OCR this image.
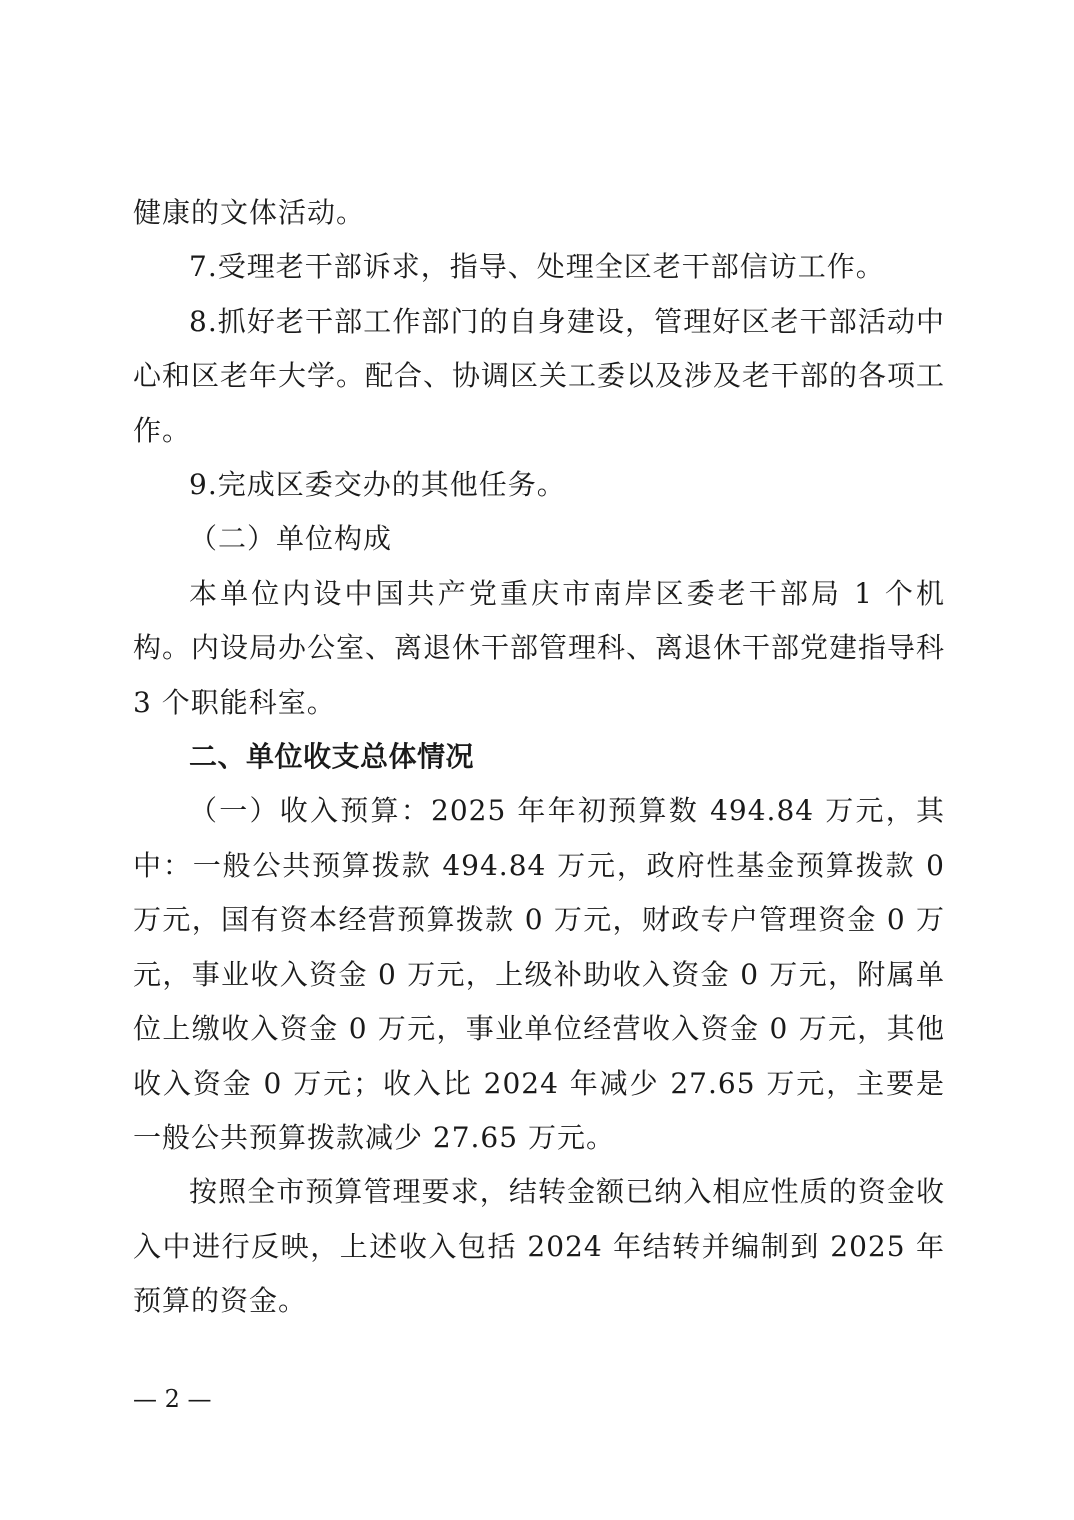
健康的文体活动。

7.受理老干部诉求，指导、处理全区老干部信访工作。

8.抓好老干部工作部门的自身建设，管理好区老干部活动中心和区老年大学。配合、协调区关工委以及涉及老干部的各项工作。

9.完成区委交办的其他任务。

（二）单位构成

本单位内设中国共产党重庆市南岸区委老干部局 1 个机构。内设局办公室、离退休干部管理科、离退休干部党建指导科 3 个职能科室。

二、单位收支总体情况

（一）收入预算：2025 年年初预算数 494.84 万元，其中：一般公共预算拨款 494.84 万元，政府性基金预算拨款 0 万元，国有资本经营预算拨款 0 万元，财政专户管理资金 0 万元，事业收入资金 0 万元，上级补助收入资金 0 万元，附属单位上缴收入资金 0 万元，事业单位经营收入资金 0 万元，其他收入资金 0 万元；收入比 2024 年减少 27.65 万元，主要是一般公共预算拨款减少 27.65 万元。

按照全市预算管理要求，结转金额已纳入相应性质的资金收入中进行反映，上述收入包括 2024 年结转并编制到 2025 年预算的资金。

— 2 —
